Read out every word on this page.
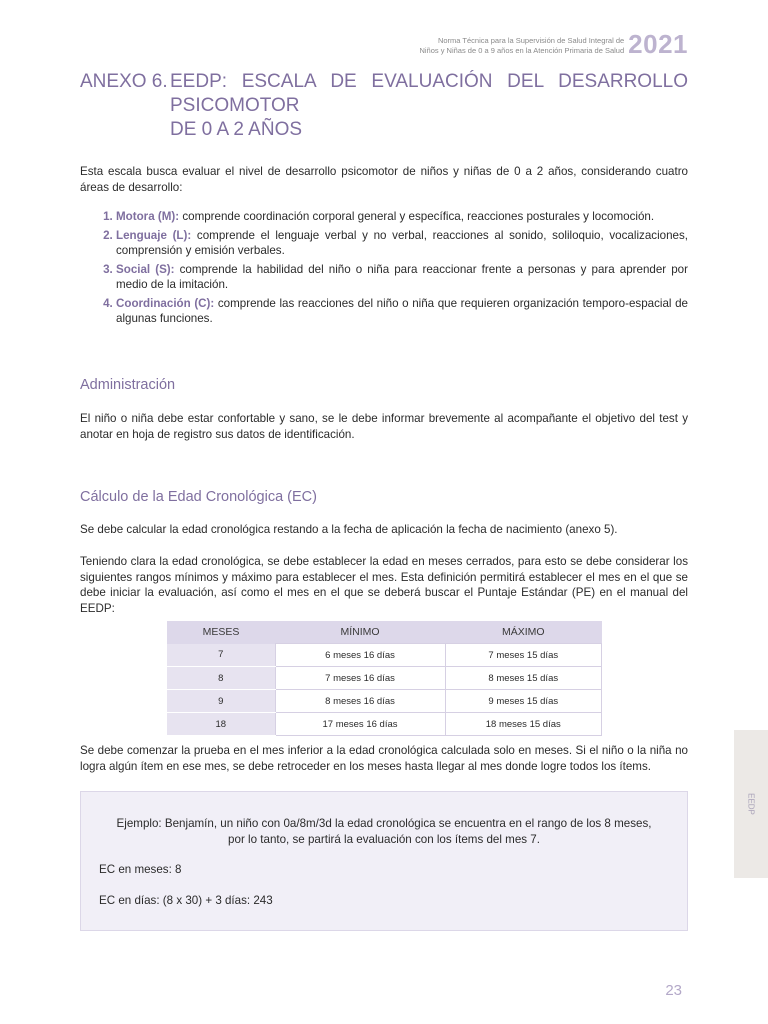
Norma Técnica para la Supervisión de Salud Integral de
Niños y Niñas de 0 a 9 años en la Atención Primaria de Salud 2021
ANEXO 6. EEDP: ESCALA DE EVALUACIÓN DEL DESARROLLO PSICOMOTOR
DE 0 A 2 AÑOS

Esta escala busca evaluar el nivel de desarrollo psicomotor de niños y niñas de 0 a 2 años, considerando cuatro áreas de desarrollo:

1. Motora (M): comprende coordinación corporal general y específica, reacciones posturales y locomoción.
2. Lenguaje (L): comprende el lenguaje verbal y no verbal, reacciones al sonido, soliloquio, vocalizaciones, comprensión y emisión verbales.
3. Social (S): comprende la habilidad del niño o niña para reaccionar frente a personas y para aprender por medio de la imitación.
4. Coordinación (C): comprende las reacciones del niño o niña que requieren organización temporo-espacial de algunas funciones.
Administración

El niño o niña debe estar confortable y sano, se le debe informar brevemente al acompañante el objetivo del test y anotar en hoja de registro sus datos de identificación.

Cálculo de la Edad Cronológica (EC)

Se debe calcular la edad cronológica restando a la fecha de aplicación la fecha de nacimiento (anexo 5).

Teniendo clara la edad cronológica, se debe establecer la edad en meses cerrados, para esto se debe considerar los siguientes rangos mínimos y máximo para establecer el mes. Esta definición permitirá establecer el mes en el que se debe iniciar la evaluación, así como el mes en el que se deberá buscar el Puntaje Estándar (PE) en el manual del EEDP:

MESES	MÍNIMO	MÁXIMO
7	6 meses 16 días	7 meses 15 días
8	7 meses 16 días	8 meses 15 días
9	8 meses 16 días	9 meses 15 días
18	17 meses 16 días	18 meses 15 días

Se debe comenzar la prueba en el mes inferior a la edad cronológica calculada solo en meses. Si el niño o la niña no logra algún ítem en ese mes, se debe retroceder en los meses hasta llegar al mes donde logre todos los ítems.

Ejemplo: Benjamín, un niño con 0a/8m/3d la edad cronológica se encuentra en el rango de los 8 meses,
por lo tanto, se partirá la evaluación con los ítems del mes 7.
EC en meses: 8
EC en días: (8 x 30) + 3 días: 243
EEDP
23
